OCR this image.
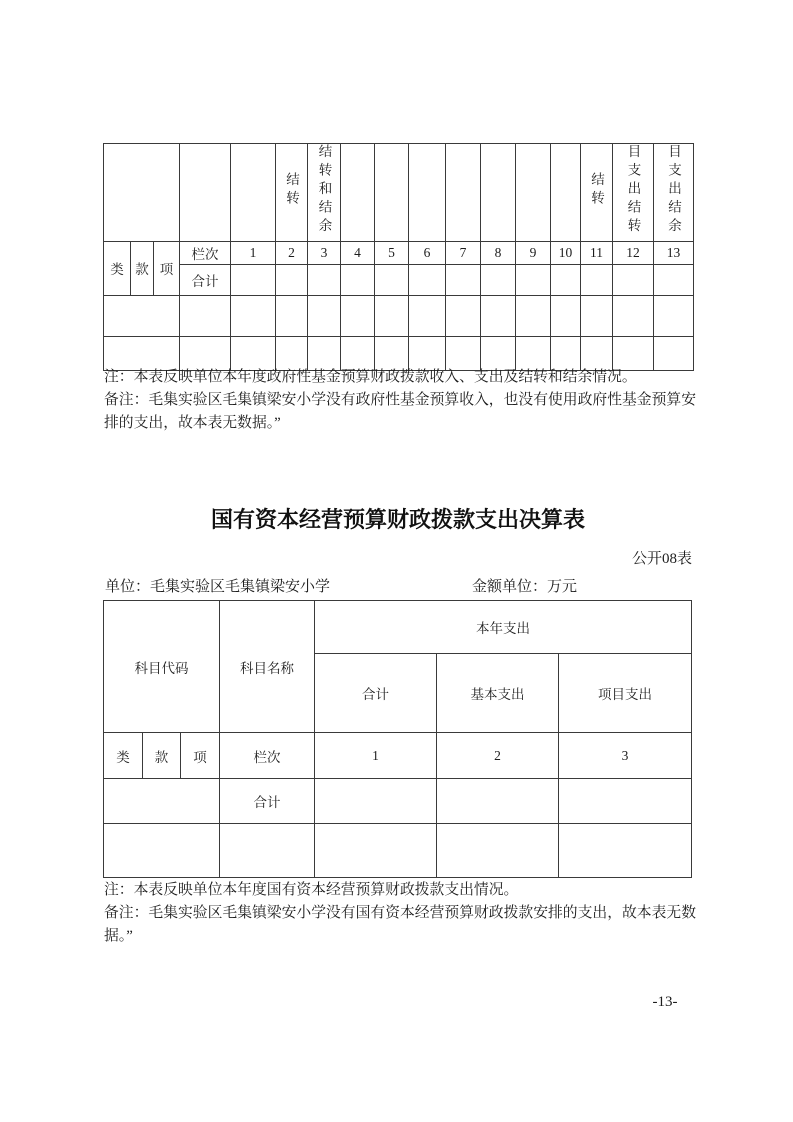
					结转	结转和结余								结转	目支出结转	目支出结余
类	款	项	栏次	1	2	3	4	5	6	7	8	9	10	11	12	13
			合计													

注：本表反映单位本年度政府性基金预算财政拨款收入、支出及结转和结余情况。

备注：毛集实验区毛集镇梁安小学没有政府性基金预算收入，也没有使用政府性基金预算安排的支出，故本表无数据。”

国有资本经营预算财政拨款支出决算表
公开08表
单位：毛集实验区毛集镇梁安小学	金额单位：万元
科目代码			科目名称	本年支出		
				合计	基本支出	项目支出
类	款	项	栏次	1	2	3
			合计			

注：本表反映单位本年度国有资本经营预算财政拨款支出情况。

备注：毛集实验区毛集镇梁安小学没有国有资本经营预算财政拨款安排的支出，故本表无数据。”

-13-
